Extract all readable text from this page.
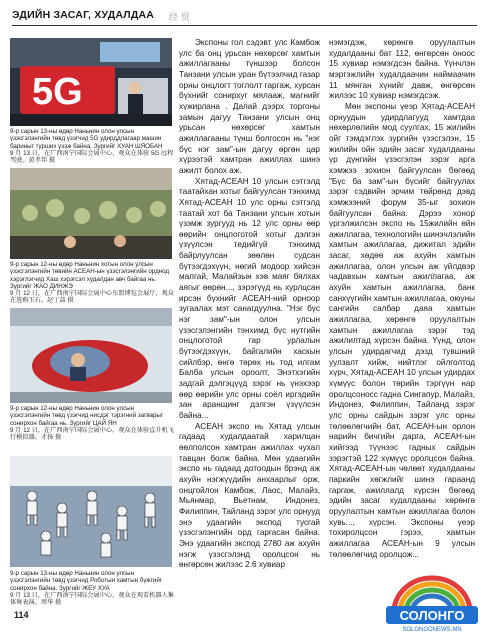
ЭДИЙН ЗАСАГ, ХУДАЛДАА 经 贸
5G
9-р сарын 13-ны өдөр Наньнин олон улсын үзэсгэлэнгийн төвд үзэгчид 5G удирддлагаар машин бариныг турших үзэж байна. Зургийг ХУАН ШЯОБАН
9 月 13 日，在广西南宁国际会展中心，观众在体验 5G 远程驾驶。黄孝邦 摄
9-р сарын 12-ны өдөр Наньнин хотын олон улсын үзэсгэлэнгийн төвийн АСЕАН-ын үзэсгэлэнгийн орднод хэрэглэгчид Хаш хэрэгсэл худалдан авч байгаа нь. Зургийг ЖАО ДИНЖЭ
9 月 12 日，在广西南宁国际会展中心东盟博览会展厅，观众在选购玉石。赵丁喆 摄
9-р сарын 12-ны өдөр Наньнин олон улсын үзэсгэлэнгийн төвд үзэгчид нисдэг тэрэгний загварыг сонирхон байгаа нь. Зургийг ЦАЙ ЯН
9 月 12 日，在广西南宁国际会展中心，观众在体验直升机飞行模拟器。才扬 摄
9-р сарын 13-ны өдөр Наньнин олон улсын үзэсгэлэнгийн төвд үзэгчид Роботын хамтын бүжгийг сонирхон байна. Зургийг ЖЕУ ХУА
9 月 13 日，在广西南宁国际会展中心，观众在观看机器人集体舞表演。周华 摄

Экспоны гол сэдэвт улс Камбож улс ба онц урьсан нөхөрсөг хамтын ажиллагааны түншээр болсон Танзани улсын уран бүтээлчид газар орны онцлогт тоглолт гаргаж, хурсан бүхнийг сонирхуг мялааж, магнийг хүжирлана . Далай дээрх торгоны замын дагуу Танзани улсын онц урьсан нөхөрсөг хамтын ажиллагааны түнш болгосон нь "нэг бүс нэг зам"-ын дагуу өргөн цар хүрээтэй хамтран ажиллах шинэ ажилт болох аж.

Хятад-АСЕАН 10 улсын сэтгэлд таатайхан хотыг байгуулсан тэнхимд Хятад-АСЕАН 10 улс орны сэтгэлд таатай хот ба Танзани улсын хотын үзэмж зургууд нь 12 улс орны өөр өөрийн онцлоготой хотыг дэлгэн үзүүлсэн тедийгүй тэнхимд байрлуулсан зөөлөн судсан бүтээгдэхүүн, нөгий модоор хийсэн малгай, Малайзын хэв маяг бялхах аягыг өөрөн..., зэрэгүүд нь хурлцсан ирсэн бүхнийг АСЕАН-ний орноор зугаалах мэт санагдуулна. "Нэг бүс нэг зам"-ын олон улсын үзэсгэлэнгийн тэнхимд бүс нутгийн онцлоготой гар урлалын бүтээгдэхүүн, байгалийн хаскын сийлбэр, өнгө төрөх нь тод илгам Балба улсын ороолт, Энэтхэгийн задгай дэлгэцүүд зэрэг нь үнэхээр өөр өөрийн улс орны соёл иргэдийн зан аранщинг дэлгэн үзүүлсэн байна...

АСЕАН экспо нь Хятад улсын гадаад худалдаатай харилцан өөлполсон хамтран ажиллах чухал тавцан болж байна. Мөн удаагийн экспо нь гадаад дотоодын брэнд аж ахуйн нэгжүүдийн анхаарлыг орж, онцгойлон Камбож, Лаос, Малайз, Мьянмар, Вьетнам, Индонез, Филиппин, Тайланд зэрэг улс орнууд энэ удаагийн экспод тусгай үзэсгэлэнгийн орд гаргасан байна. Энэ удаагийн экспод 2780 аж ахуйн нэгж үзэсгэлэнд оролцсон нь өнгөрсөн жилээс 2.6 хувиар

нэмэгдэж, хөрөнгө оруулалтын худалдааны бат 112, өнгөрсөн оноос 15 хувиар нэмэгдсэн байна. Үүнчлэн мэргэжлийн худалдаачин наймаачин 11 мянган хүнийг давж, өнгөрсөн жилээс 10 хувиар нэмэгдсэж.

Мөн экспоны үеэр Хятад-АСЕАН орнуудын удирдлагууд хамтдаа нөхөрлөлийн мод суулгах, 15 жилийн ойг тэмдэглэх зургийн үзэсгэлэн, 15 жилийн ойн эдийн засаг худалдааны үр дүнгийн үзэсгэлэн зэрэг арга хэмжээ зохион байгуулсан бөгөөд "Бүс ба зам"-ын бүсийг байгуулах зэрэг сэдвийн эрчим төйрөнд дэвд хэмжээний форум 35-ыг зохион байгуулсан байна. Дэрээ хонор үргэлжилсэн экспо нь 15жилийн өйн ажиллагаа, технологийн шинэчлэлийн хамтын ажиллагаа, дижитал эдийн засаг, хөдөө аж ахуйн хамтын ажиллагаа, олон улсын аж үйлдвэр чадавхын хамтын ажиллагаа, аж ахуйн хамтын ажиллагаа, банк санхүүгийн хамтын ажиллагаа, оюуны сангийн салбар даяа хамтын ажиллагаа, хөрөнгө оруулалтын хамтын ажиллагаа зэрэг тэд ажилилтад хүрсэн байна. Үүнд, олон улсын удирдагчид дэзд тувшний уулзалт хийж, нийтлэг ойлголтод хүрч, Хятад-АСЕАН 10 улсын удирдах хүмүүс болон төрийн тэргүүн нар оролцсоносс гадна Сингапур, Малайз, Индонез, Филиппин, Тайланд зэрэг улс орны сайдын зэрэг улс орны төлөөлөгчийн бат, АСЕАН-ын орлон нарийн бичгийн дарга, АСЕАН-ын хийгээд түүнээс гадных сайдын зэрэгтэй 122 хүмүүс оролцсон байна. Хятад-АСЕАН-ын чөлөөт худалдааны паркийн хөгжлийг шинэ гараанд гаргаж, ажиллалд хүрсэн бөгөөд эдийн засаг худалдааны хөрөнгө оруулалтын хамтын ажиллагаа болон хувь..., хүрсэн. Экспоны үеэр тохиролцсон гэрээ, хамтын ажиллагаа АСЕАН-ын 9 улсын төлөөлөгчид оролцож...

114	СОЛОНГО
SOLONGONEWS.MN
